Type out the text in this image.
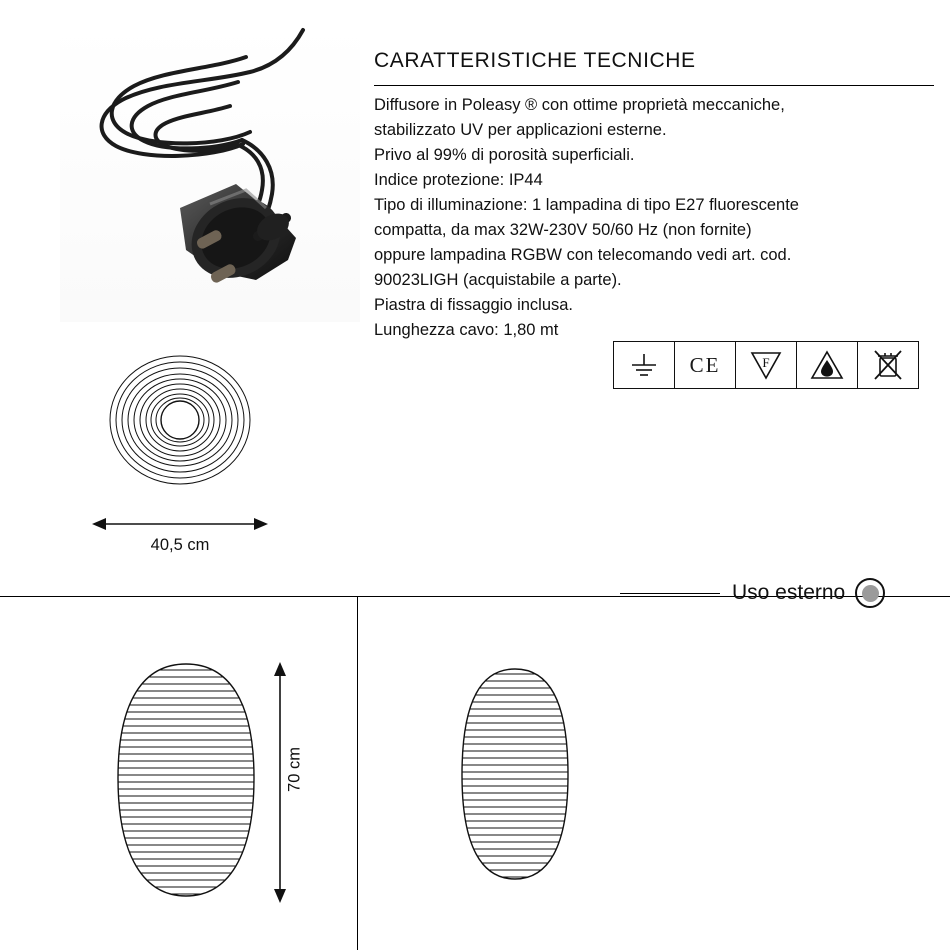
40,5 cm
CARATTERISTICHE TECNICHE
Diffusore in Poleasy ® con ottime proprietà meccaniche,
stabilizzato UV per applicazioni esterne.
Privo al 99% di porosità superficiali.
Indice protezione: IP44
Tipo di illuminazione: 1 lampadina di tipo E27 fluorescente
compatta, da max 32W-230V 50/60 Hz (non fornite)
oppure lampadina RGBW con telecomando vedi art. cod.
90023LIGH (acquistabile a parte).
Piastra di fissaggio inclusa.
Lunghezza cavo: 1,80 mt
CE	F
Uso esterno
70 cm
